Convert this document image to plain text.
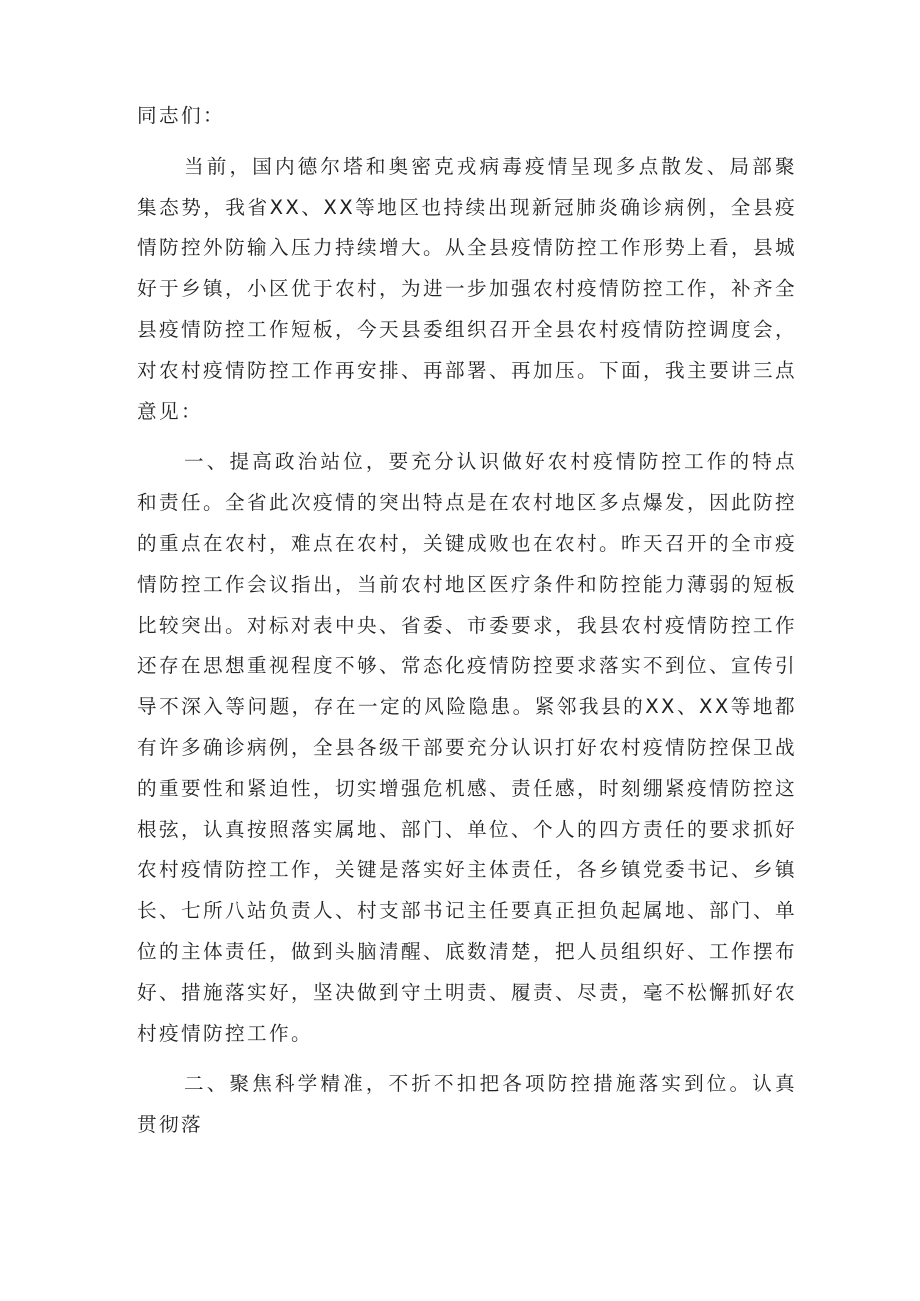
同志们：

当前，国内德尔塔和奥密克戎病毒疫情呈现多点散发、局部聚集态势，我省XX、XX等地区也持续出现新冠肺炎确诊病例，全县疫情防控外防输入压力持续增大。从全县疫情防控工作形势上看，县城好于乡镇，小区优于农村，为进一步加强农村疫情防控工作，补齐全县疫情防控工作短板，今天县委组织召开全县农村疫情防控调度会，对农村疫情防控工作再安排、再部署、再加压。下面，我主要讲三点意见：

一、提高政治站位，要充分认识做好农村疫情防控工作的特点和责任。全省此次疫情的突出特点是在农村地区多点爆发，因此防控的重点在农村，难点在农村，关键成败也在农村。昨天召开的全市疫情防控工作会议指出，当前农村地区医疗条件和防控能力薄弱的短板比较突出。对标对表中央、省委、市委要求，我县农村疫情防控工作还存在思想重视程度不够、常态化疫情防控要求落实不到位、宣传引导不深入等问题，存在一定的风险隐患。紧邻我县的XX、XX等地都有许多确诊病例，全县各级干部要充分认识打好农村疫情防控保卫战的重要性和紧迫性，切实增强危机感、责任感，时刻绷紧疫情防控这根弦，认真按照落实属地、部门、单位、个人的四方责任的要求抓好农村疫情防控工作，关键是落实好主体责任，各乡镇党委书记、乡镇长、七所八站负责人、村支部书记主任要真正担负起属地、部门、单位的主体责任，做到头脑清醒、底数清楚，把人员组织好、工作摆布好、措施落实好，坚决做到守土明责、履责、尽责，毫不松懈抓好农村疫情防控工作。

二、聚焦科学精准，不折不扣把各项防控措施落实到位。认真贯彻落
